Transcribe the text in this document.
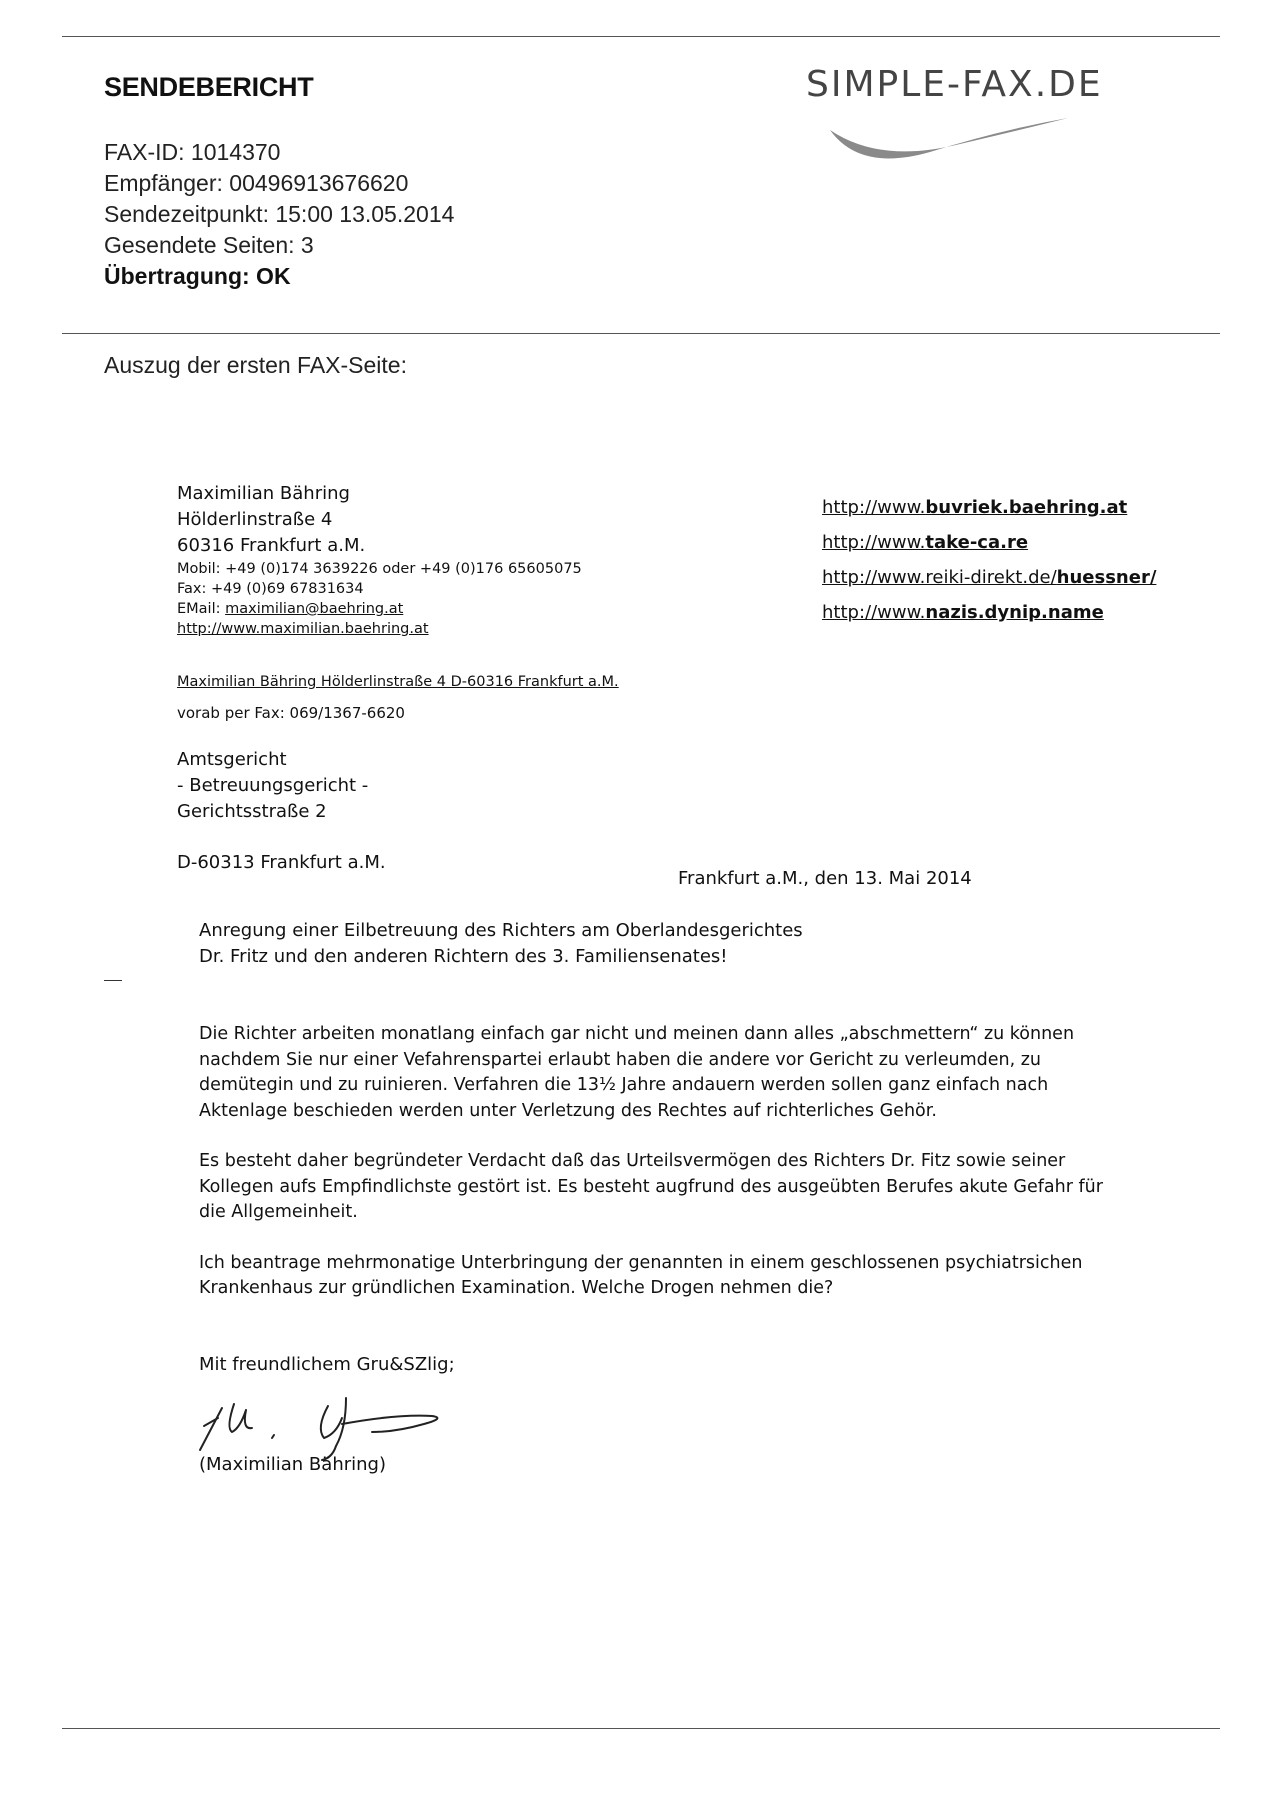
SENDEBERICHT	SIMPLE-FAX.DE
FAX-ID: 1014370
Empfänger: 00496913676620
Sendezeitpunkt: 15:00 13.05.2014
Gesendete Seiten: 3
Übertragung: OK
Auszug der ersten FAX-Seite:
Maximilian Bähring
Hölderlinstraße 4
60316 Frankfurt a.M.
Mobil: +49 (0)174 3639226 oder +49 (0)176 65605075
Fax: +49 (0)69 67831634
EMail: maximilian@baehring.at
http://www.maximilian.baehring.at
http://www.buvriek.baehring.at
http://www.take-ca.re
http://www.reiki-direkt.de/huessner/
http://www.nazis.dynip.name
Maximilian Bähring Hölderlinstraße 4 D-60316 Frankfurt a.M.
vorab per Fax: 069/1367-6620
Amtsgericht
- Betreuungsgericht -
Gerichtsstraße 2
D-60313 Frankfurt a.M.
Frankfurt a.M., den 13. Mai 2014
Anregung einer Eilbetreuung des Richters am Oberlandesgerichtes
Dr. Fritz und den anderen Richtern des 3. Familiensenates!

Die Richter arbeiten monatlang einfach gar nicht und meinen dann alles „abschmettern“ zu können
nachdem Sie nur einer Vefahrenspartei erlaubt haben die andere vor Gericht zu verleumden, zu
demütegin und zu ruinieren. Verfahren die 13½ Jahre andauern werden sollen ganz einfach nach
Aktenlage beschieden werden unter Verletzung des Rechtes auf richterliches Gehör.

Es besteht daher begründeter Verdacht daß das Urteilsvermögen des Richters Dr. Fitz sowie seiner
Kollegen aufs Empfindlichste gestört ist. Es besteht augfrund des ausgeübten Berufes akute Gefahr für
die Allgemeinheit.

Ich beantrage mehrmonatige Unterbringung der genannten in einem geschlossenen psychiatrsichen
Krankenhaus zur gründlichen Examination. Welche Drogen nehmen die?

Mit freundlichem Gru&SZlig;
(Maximilian Bähring)
